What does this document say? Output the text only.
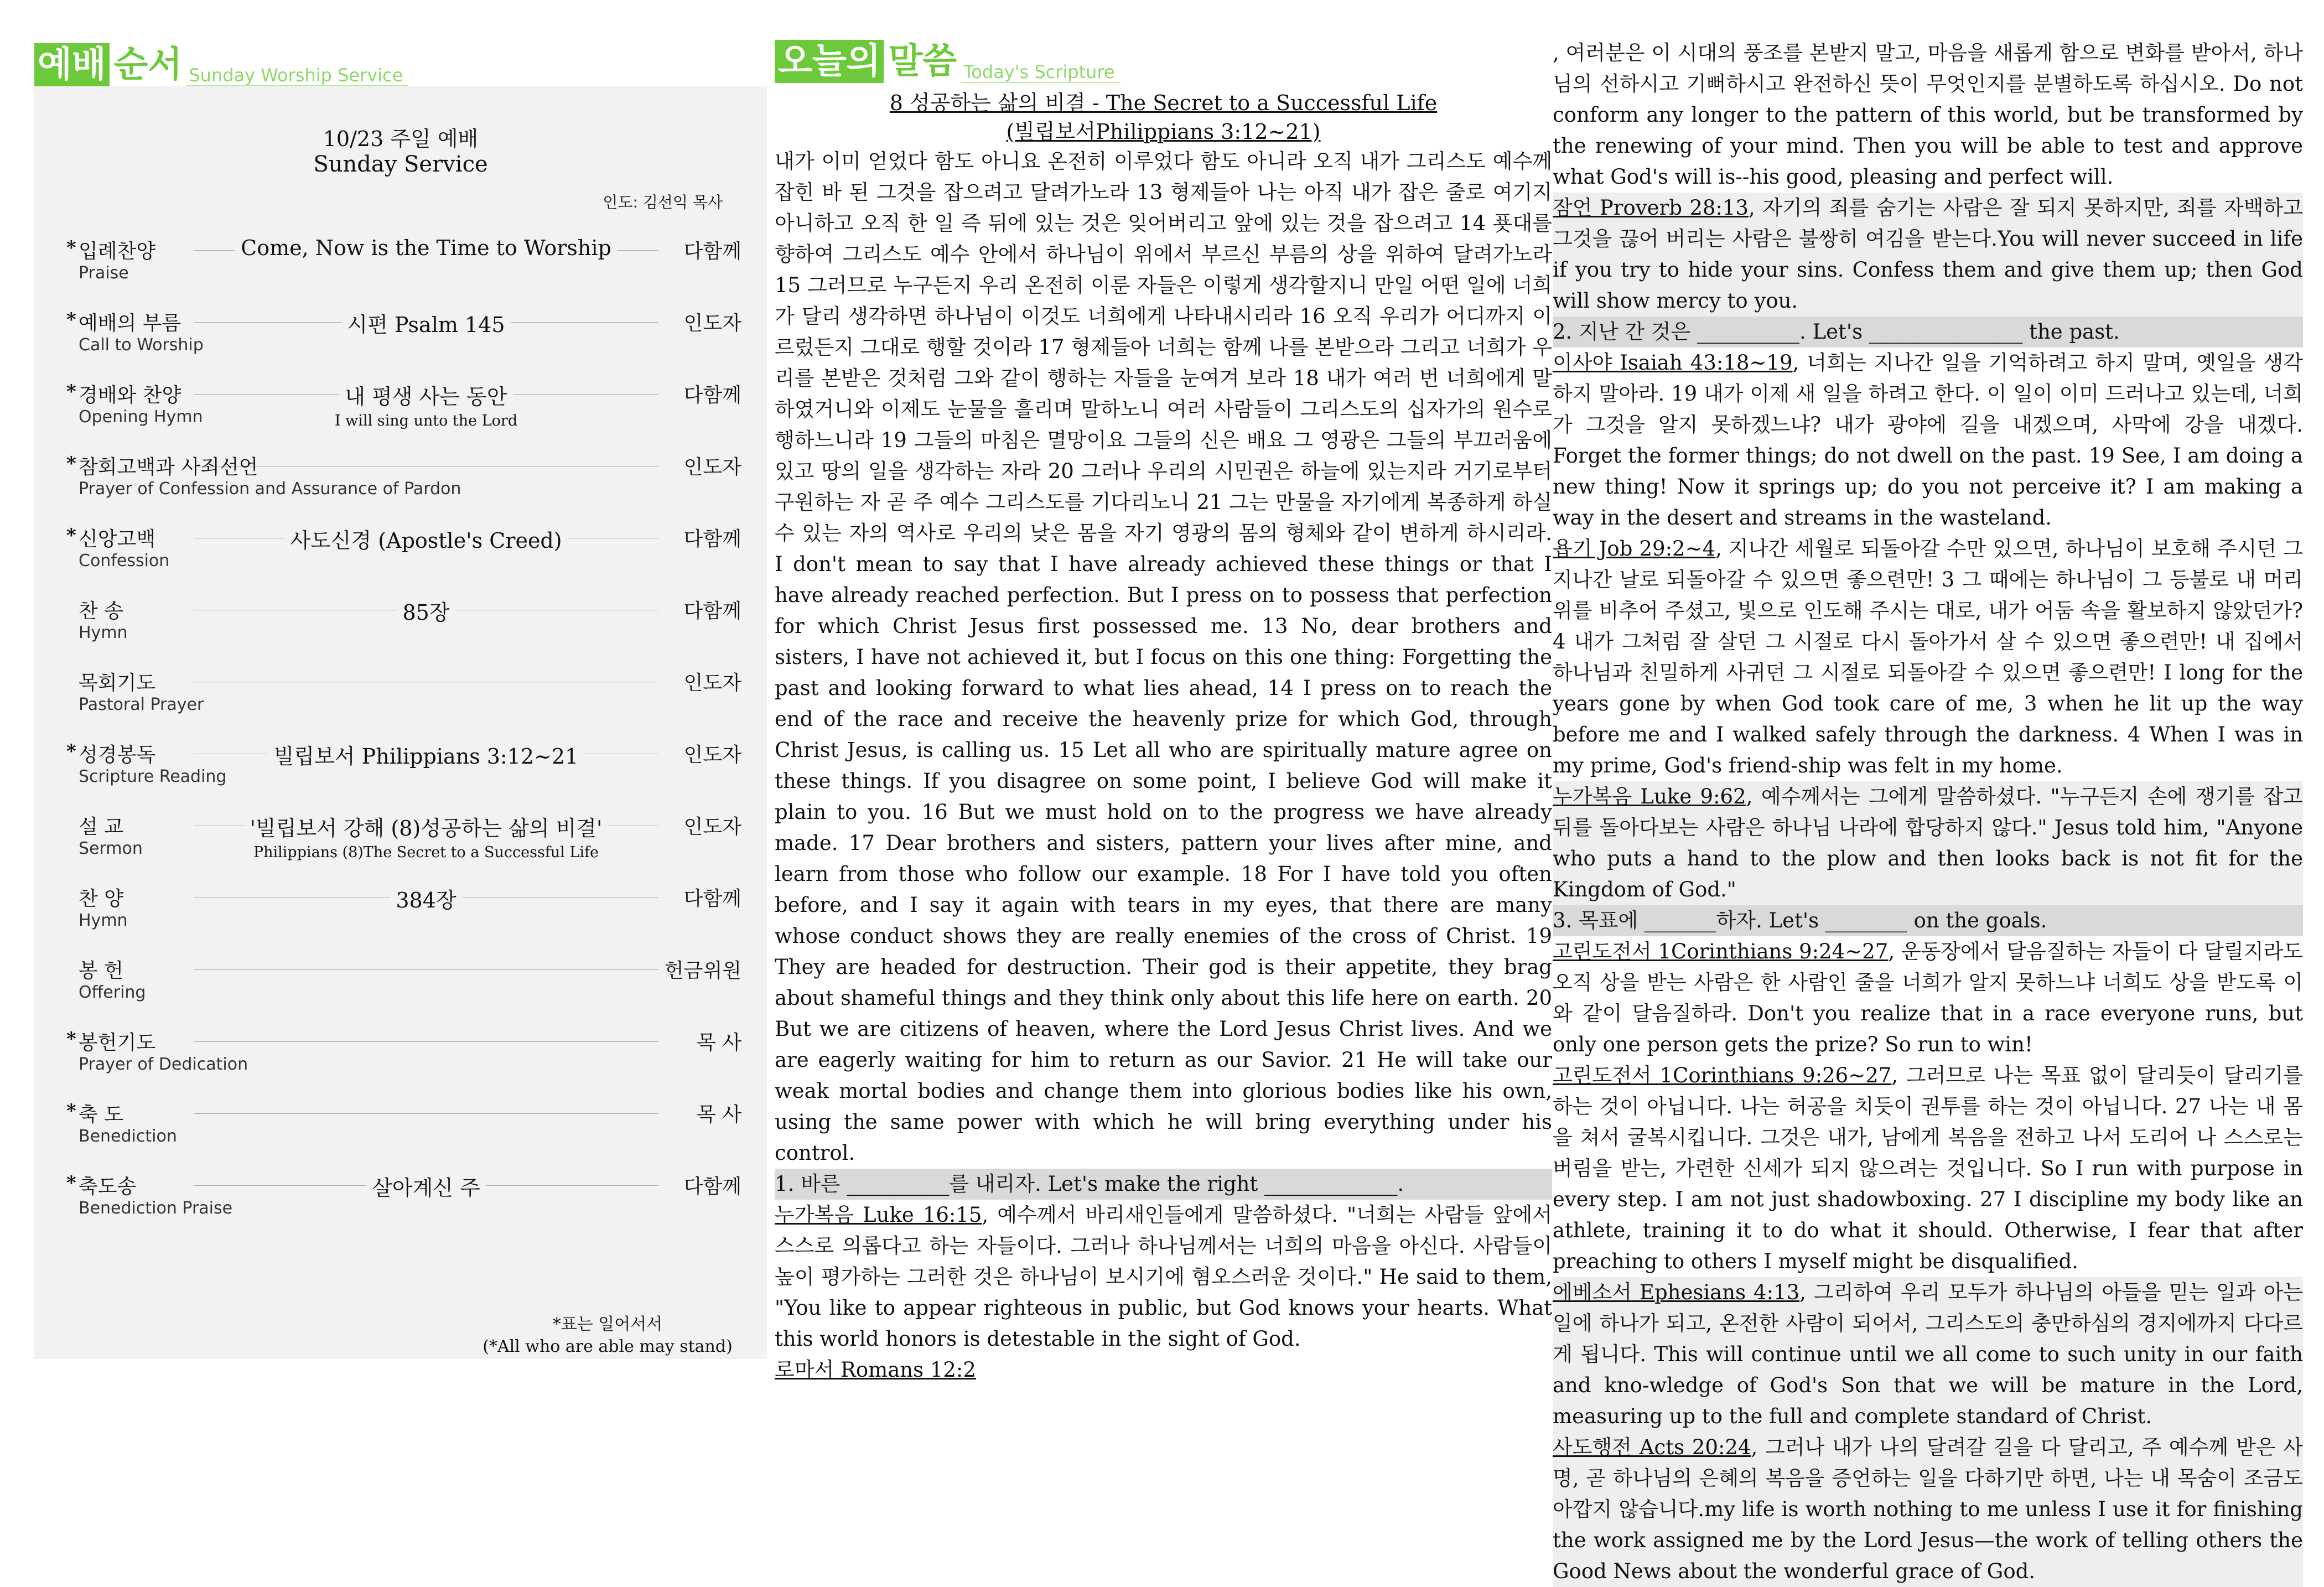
예배 순서 Sunday Worship Service	오늘의 말씀 Today's Scripture
10/23 주일 예배
Sunday Service
인도: 김선익 목사
* 입례찬양
Praise
다함께
Come, Now is the Time to Worship
* 예배의 부름
Call to Worship
인도자
시편 Psalm 145
* 경배와 찬양
Opening Hymn
다함께
내 평생 사는 동안
I will sing unto the Lord
* 참회고백과 사죄선언
Prayer of Confession and Assurance of Pardon
인도자
* 신앙고백
Confession
다함께
사도신경 (Apostle's Creed)
찬 송
Hymn
다함께
85장
목회기도
Pastoral Prayer
인도자
* 성경봉독
Scripture Reading
인도자
빌립보서 Philippians 3:12~21
설 교
Sermon
인도자
'빌립보서 강해 (8)성공하는 삶의 비결'
Philippians (8)The Secret to a Successful Life
찬 양
Hymn
다함께
384장
봉 헌
Offering
헌금위원
* 봉헌기도
Prayer of Dedication
목 사
* 축 도
Benediction
목 사
* 축도송
Benediction Praise
다함께
살아계신 주
*표는 일어서서
(*All who are able may stand)
8 성공하는 삶의 비결 - The Secret to a Successful Life
(빌립보서Philippians 3:12~21)

내가 이미 얻었다 함도 아니요 온전히 이루었다 함도 아니라 오직 내가 그리스도 예수께 잡힌 바 된 그것을 잡으려고 달려가노라 13 형제들아 나는 아직 내가 잡은 줄로 여기지 아니하고 오직 한 일 즉 뒤에 있는 것은 잊어버리고 앞에 있는 것을 잡으려고 14 푯대를 향하여 그리스도 예수 안에서 하나님이 위에서 부르신 부름의 상을 위하여 달려가노라 15 그러므로 누구든지 우리 온전히 이룬 자들은 이렇게 생각할지니 만일 어떤 일에 너희가 달리 생각하면 하나님이 이것도 너희에게 나타내시리라 16 오직 우리가 어디까지 이르렀든지 그대로 행할 것이라 17 형제들아 너희는 함께 나를 본받으라 그리고 너희가 우리를 본받은 것처럼 그와 같이 행하는 자들을 눈여겨 보라 18 내가 여러 번 너희에게 말하였거니와 이제도 눈물을 흘리며 말하노니 여러 사람들이 그리스도의 십자가의 원수로 행하느니라 19 그들의 마침은 멸망이요 그들의 신은 배요 그 영광은 그들의 부끄러움에 있고 땅의 일을 생각하는 자라 20 그러나 우리의 시민권은 하늘에 있는지라 거기로부터 구원하는 자 곧 주 예수 그리스도를 기다리노니 21 그는 만물을 자기에게 복종하게 하실 수 있는 자의 역사로 우리의 낮은 몸을 자기 영광의 몸의 형체와 같이 변하게 하시리라. I don't mean to say that I have already achieved these things or that I have already reached perfection. But I press on to possess that perfection for which Christ Jesus first possessed me. 13 No, dear brothers and sisters, I have not achieved it, but I focus on this one thing: Forgetting the past and looking forward to what lies ahead, 14 I press on to reach the end of the race and receive the heavenly prize for which God, through Christ Jesus, is calling us. 15 Let all who are spiritually mature agree on these things. If you disagree on some point, I believe God will make it plain to you. 16 But we must hold on to the progress we have already made. 17 Dear brothers and sisters, pattern your lives after mine, and learn from those who follow our example. 18 For I have told you often before, and I say it again with tears in my eyes, that there are many whose conduct shows they are really enemies of the cross of Christ. 19 They are headed for destruction. Their god is their appetite, they brag about shameful things and they think only about this life here on earth. 20 But we are citizens of heaven, where the Lord Jesus Christ lives. And we are eagerly waiting for him to return as our Savior. 21 He will take our weak mortal bodies and change them into glorious bodies like his own, using the same power with which he will bring everything under his control.

1. 바른 __________를 내리자. Let's make the right _____________.

누가복음 Luke 16:15, 예수께서 바리새인들에게 말씀하셨다. "너희는 사람들 앞에서 스스로 의롭다고 하는 자들이다. 그러나 하나님께서는 너희의 마음을 아신다. 사람들이 높이 평가하는 그러한 것은 하나님이 보시기에 혐오스러운 것이다." He said to them, "You like to appear righteous in public, but God knows your hearts. What this world honors is detestable in the sight of God.

로마서 Romans 12:2

, 여러분은 이 시대의 풍조를 본받지 말고, 마음을 새롭게 함으로 변화를 받아서, 하나님의 선하시고 기뻐하시고 완전하신 뜻이 무엇인지를 분별하도록 하십시오. Do not conform any longer to the pattern of this world, but be transformed by the renewing of your mind. Then you will be able to test and approve what God's will is--his good, pleasing and perfect will.

잠언 Proverb 28:13, 자기의 죄를 숨기는 사람은 잘 되지 못하지만, 죄를 자백하고 그것을 끊어 버리는 사람은 불쌍히 여김을 받는다.You will never succeed in life if you try to hide your sins. Confess them and give them up; then God will show mercy to you.

2. 지난 간 것은 __________. Let's _______________ the past.

이사야 Isaiah 43:18~19, 너희는 지나간 일을 기억하려고 하지 말며, 옛일을 생각하지 말아라. 19 내가 이제 새 일을 하려고 한다. 이 일이 이미 드러나고 있는데, 너희가 그것을 알지 못하겠느냐? 내가 광야에 길을 내겠으며, 사막에 강을 내겠다. Forget the former things; do not dwell on the past. 19 See, I am doing a new thing! Now it springs up; do you not perceive it? I am making a way in the desert and streams in the wasteland.

욥기 Job 29:2~4, 지나간 세월로 되돌아갈 수만 있으면, 하나님이 보호해 주시던 그 지나간 날로 되돌아갈 수 있으면 좋으련만! 3 그 때에는 하나님이 그 등불로 내 머리 위를 비추어 주셨고, 빛으로 인도해 주시는 대로, 내가 어둠 속을 활보하지 않았던가? 4 내가 그처럼 잘 살던 그 시절로 다시 돌아가서 살 수 있으면 좋으련만! 내 집에서 하나님과 친밀하게 사귀던 그 시절로 되돌아갈 수 있으면 좋으련만! I long for the years gone by when God took care of me, 3 when he lit up the way before me and I walked safely through the darkness. 4 When I was in my prime, God's friend-ship was felt in my home.

누가복음 Luke 9:62, 예수께서는 그에게 말씀하셨다. "누구든지 손에 쟁기를 잡고 뒤를 돌아다보는 사람은 하나님 나라에 합당하지 않다." Jesus told him, "Anyone who puts a hand to the plow and then looks back is not fit for the Kingdom of God."

3. 목표에 _______하자. Let's ________ on the goals.

고린도전서 1Corinthians 9:24~27, 운동장에서 달음질하는 자들이 다 달릴지라도 오직 상을 받는 사람은 한 사람인 줄을 너희가 알지 못하느냐 너희도 상을 받도록 이와 같이 달음질하라. Don't you realize that in a race everyone runs, but only one person gets the prize? So run to win!

고린도전서 1Corinthians 9:26~27, 그러므로 나는 목표 없이 달리듯이 달리기를 하는 것이 아닙니다. 나는 허공을 치듯이 권투를 하는 것이 아닙니다. 27 나는 내 몸을 쳐서 굴복시킵니다. 그것은 내가, 남에게 복음을 전하고 나서 도리어 나 스스로는 버림을 받는, 가련한 신세가 되지 않으려는 것입니다. So I run with purpose in every step. I am not just shadowboxing. 27 I discipline my body like an athlete, training it to do what it should. Otherwise, I fear that after preaching to others I myself might be disqualified.

에베소서 Ephesians 4:13, 그리하여 우리 모두가 하나님의 아들을 믿는 일과 아는 일에 하나가 되고, 온전한 사람이 되어서, 그리스도의 충만하심의 경지에까지 다다르게 됩니다. This will continue until we all come to such unity in our faith and kno-wledge of God's Son that we will be mature in the Lord, measuring up to the full and complete standard of Christ.

사도행전 Acts 20:24, 그러나 내가 나의 달려갈 길을 다 달리고, 주 예수께 받은 사명, 곧 하나님의 은혜의 복음을 증언하는 일을 다하기만 하면, 나는 내 목숨이 조금도 아깝지 않습니다.my life is worth nothing to me unless I use it for finishing the work assigned me by the Lord Jesus—the work of telling others the Good News about the wonderful grace of God.
